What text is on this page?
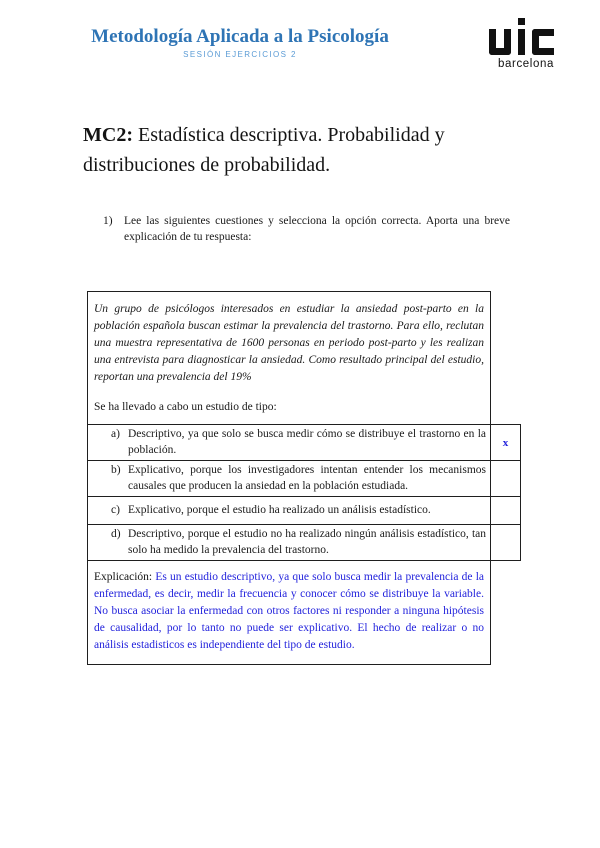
Metodología Aplicada a la Psicología
SESIÓN EJERCICIOS 2
barcelona
MC2: Estadística descriptiva. Probabilidad y distribuciones de probabilidad.
1) Lee las siguientes cuestiones y selecciona la opción correcta. Aporta una breve explicación de tu respuesta:

Un grupo de psicólogos interesados en estudiar la ansiedad post-parto en la población española buscan estimar la prevalencia del trastorno. Para ello, reclutan una muestra representativa de 1600 personas en periodo post-parto y les realizan una entrevista para diagnosticar la ansiedad. Como resultado principal del estudio, reportan una prevalencia del 19%

Se ha llevado a cabo un estudio de tipo:

a) Descriptivo, ya que solo se busca medir cómo se distribuye el trastorno en la población.
x
b) Explicativo, porque los investigadores intentan entender los mecanismos causales que producen la ansiedad en la población estudiada.
c) Explicativo, porque el estudio ha realizado un análisis estadístico.
d) Descriptivo, porque el estudio no ha realizado ningún análisis estadístico, tan solo ha medido la prevalencia del trastorno.
Explicación: Es un estudio descriptivo, ya que solo busca medir la prevalencia de la enfermedad, es decir, medir la frecuencia y conocer cómo se distribuye la variable. No busca asociar la enfermedad con otros factores ni responder a ninguna hipótesis de causalidad, por lo tanto no puede ser explicativo. El hecho de realizar o no análisis estadisticos es independiente del tipo de estudio.
